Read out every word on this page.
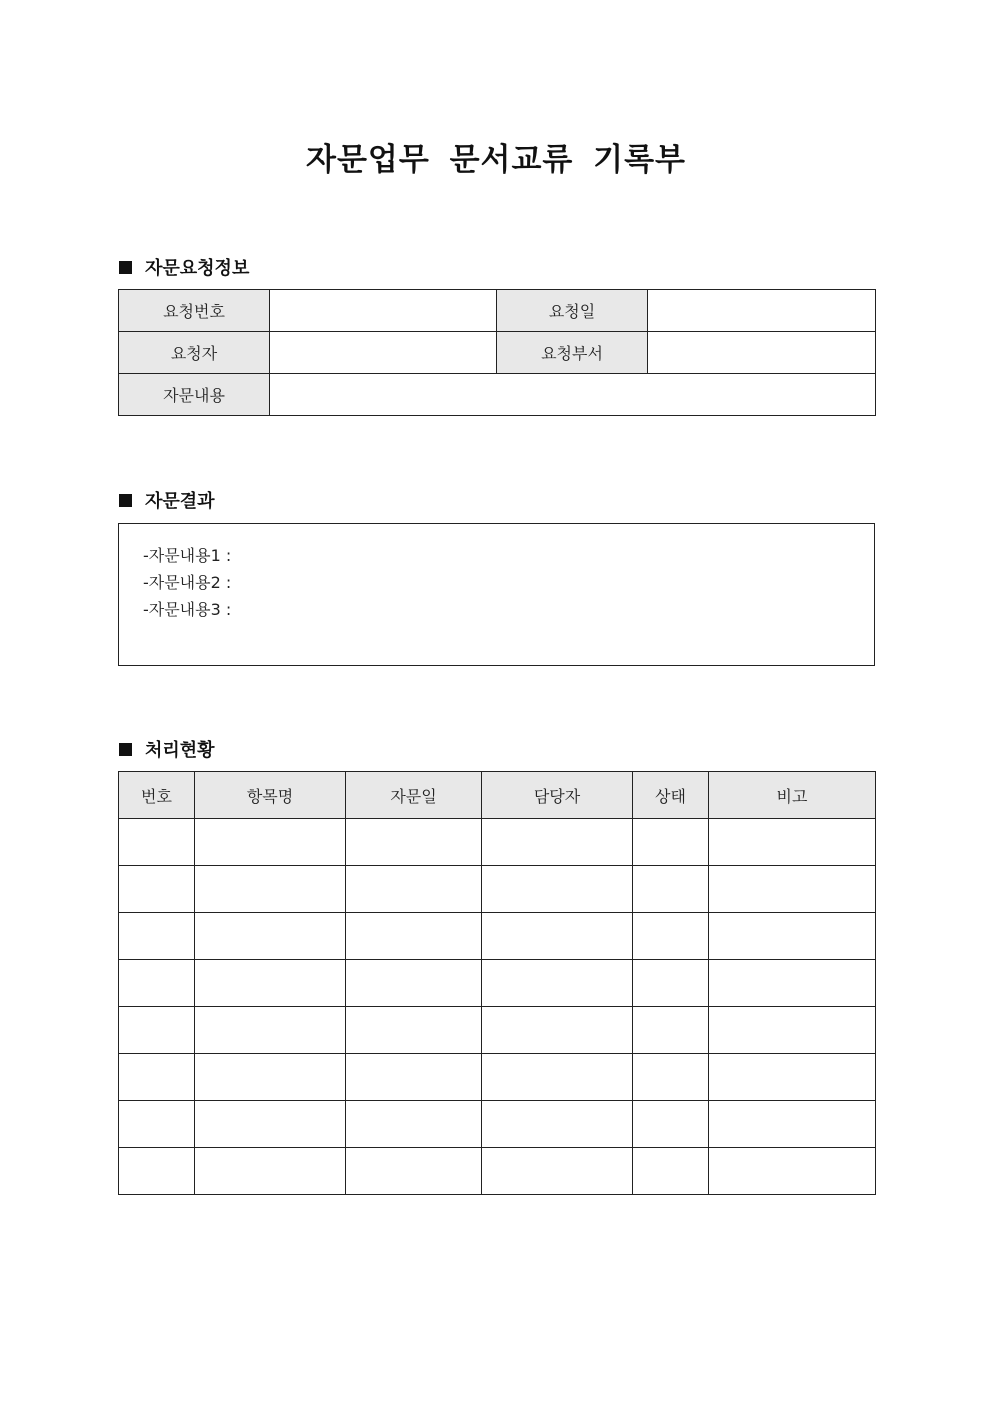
자문업무 문서교류 기록부
자문요청정보
요청번호		요청일	
요청자		요청부서	
자문내용			
자문결과
-자문내용1 :
-자문내용2 :
-자문내용3 :
처리현황
번호	항목명	자문일	담당자	상태	비고
